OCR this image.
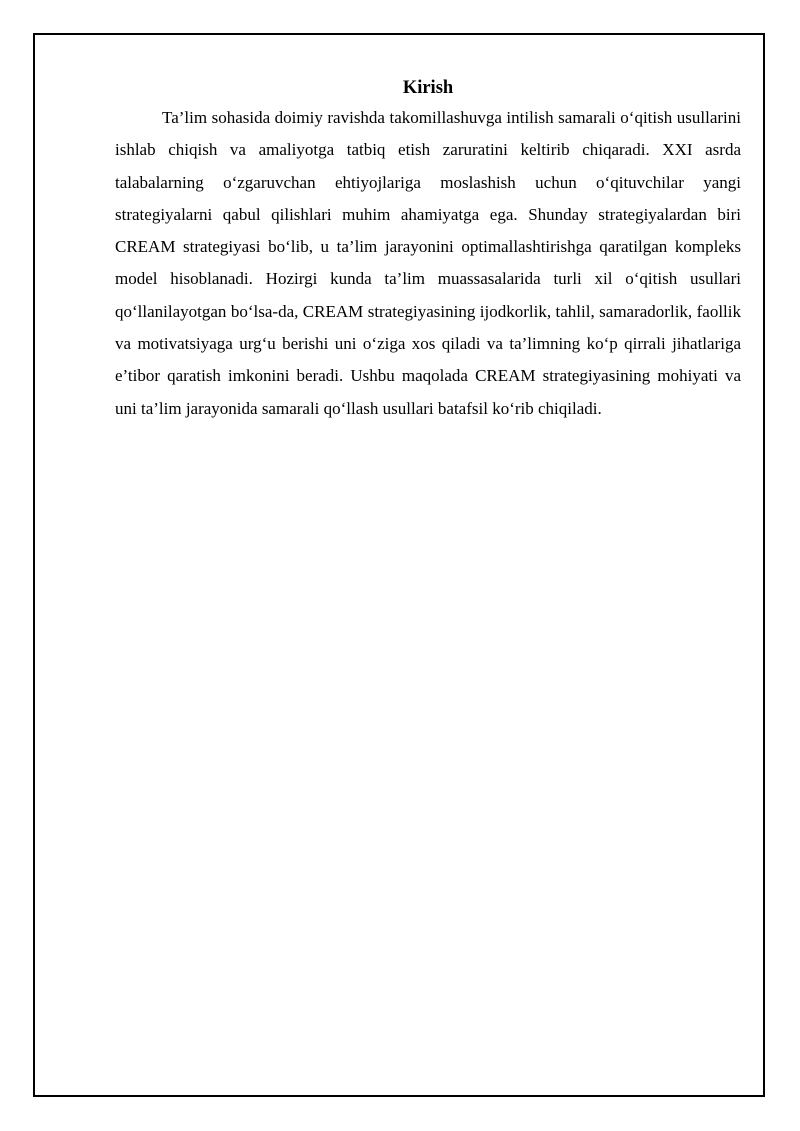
Kirish

Ta’lim sohasida doimiy ravishda takomillashuvga intilish samarali o‘qitish usullarini ishlab chiqish va amaliyotga tatbiq etish zaruratini keltirib chiqaradi. XXI asrda talabalarning o‘zgaruvchan ehtiyojlariga moslashish uchun o‘qituvchilar yangi strategiyalarni qabul qilishlari muhim ahamiyatga ega. Shunday strategiyalardan biri CREAM strategiyasi bo‘lib, u ta’lim jarayonini optimallashtirishga qaratilgan kompleks model hisoblanadi. Hozirgi kunda ta’lim muassasalarida turli xil o‘qitish usullari qo‘llanilayotgan bo‘lsa-da, CREAM strategiyasining ijodkorlik, tahlil, samaradorlik, faollik va motivatsiyaga urg‘u berishi uni o‘ziga xos qiladi va ta’limning ko‘p qirrali jihatlariga e’tibor qaratish imkonini beradi. Ushbu maqolada CREAM strategiyasining mohiyati va uni ta’lim jarayonida samarali qo‘llash usullari batafsil ko‘rib chiqiladi.
